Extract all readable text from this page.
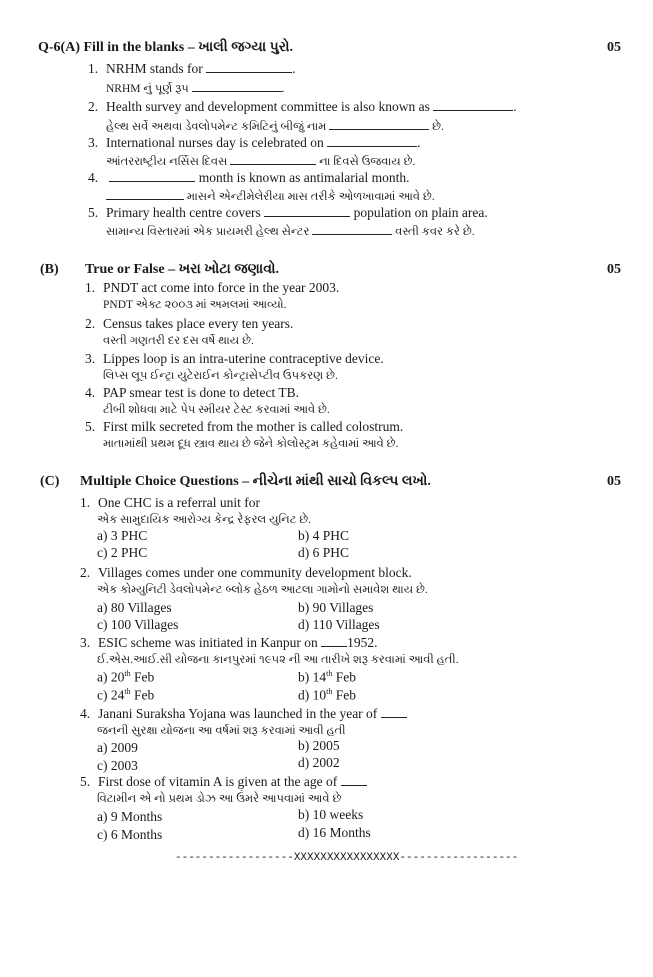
Q-6(A) Fill in the blanks – ખાલી જગ્યા પુરો.	05
1. NRHM stands for	.
NRHM નું પૂર્ણ રૂપ	.
2. Health survey and development committee is also known as	.
હેલ્થ સર્વે અથવા ડેવલોપમેન્ટ કમિટિનું બીજું નામ	છે.
3. International nurses day is celebrated on	.
આંતરરાષ્ટ્રીય નર્સિસ દિવસ	ના દિવસે ઉજવાય છે.
4.	month is known as antimalarial month.
માસને એન્ટીમેલેરીયા માસ તરીકે ઓળખાવામાં આવે છે.
5. Primary health centre covers	population on plain area.
સામાન્ય વિસ્તારમાં એક પ્રાયમરી હેલ્થ સેન્ટર	વસ્તી કવર કરે છે.
(B) True or False – ખરા ખોટા જણાવો.	05
1. PNDT act come into force in the year 2003.
PNDT એક્ટ ૨૦૦૩ માં અમલમાં આવ્યો.
2. Census takes place every ten years.
વસ્તી ગણતરી દર દસ વર્ષે થાય છે.
3. Lippes loop is an intra-uterine contraceptive device.
લિપ્સ લૂપ ઈન્ટ્રા યુટેરાઈન કોન્ટ્રાસેપ્ટીવ ઉપકરણ છે.
4. PAP smear test is done to detect TB.
ટીબી શોધવા માટે પેપ સ્મીયર ટેસ્ટ કરવામાં આવે છે.
5. First milk secreted from the mother is called colostrum.
માતામાંથી પ્રથમ દૂધ સ્ત્રાવ થાય છે જેને કોલોસ્ટ્રમ કહેવામાં આવે છે.
(C) Multiple Choice Questions – નીચેના માંથી સાચો વિકલ્પ લખો.	05
1. One CHC is a referral unit for
એક સામુદાયિક આરોગ્ય કેન્દ્ર રેફરલ યુનિટ છે.
a) 3 PHC	b) 4 PHC
c) 2 PHC	d) 6 PHC
2. Villages comes under one community development block.
એક કોમ્યુનિટી ડેવલોપમેન્ટ બ્લોક હેઠળ આટલા ગામોનો સમાવેશ થાય છે.
a) 80 Villages	b) 90 Villages
c) 100 Villages	d) 110 Villages
3. ESIC scheme was initiated in Kanpur on 1952.
ઈ.એસ.આઈ.સી યોજના કાનપુરમાં ૧૯૫૨ ની આ તારીખે શરૂ કરવામાં આવી હતી.
a) 20th Feb	b) 14th Feb
c) 24th Feb	d) 10th Feb
4. Janani Suraksha Yojana was launched in the year of
જનની સુરક્ષા યોજના આ વર્ષમાં શરૂ કરવામાં આવી હતી
a) 2009	b) 2005
c) 2003	d) 2002
5. First dose of vitamin A is given at the age of
વિટામીન એ નો પ્રથમ ડોઝ આ ઉંમરે આપવામાં આવે છે
a) 9 Months	b) 10 weeks
c) 6 Months	d) 16 Months
------------------XXXXXXXXXXXXXXXX------------------
